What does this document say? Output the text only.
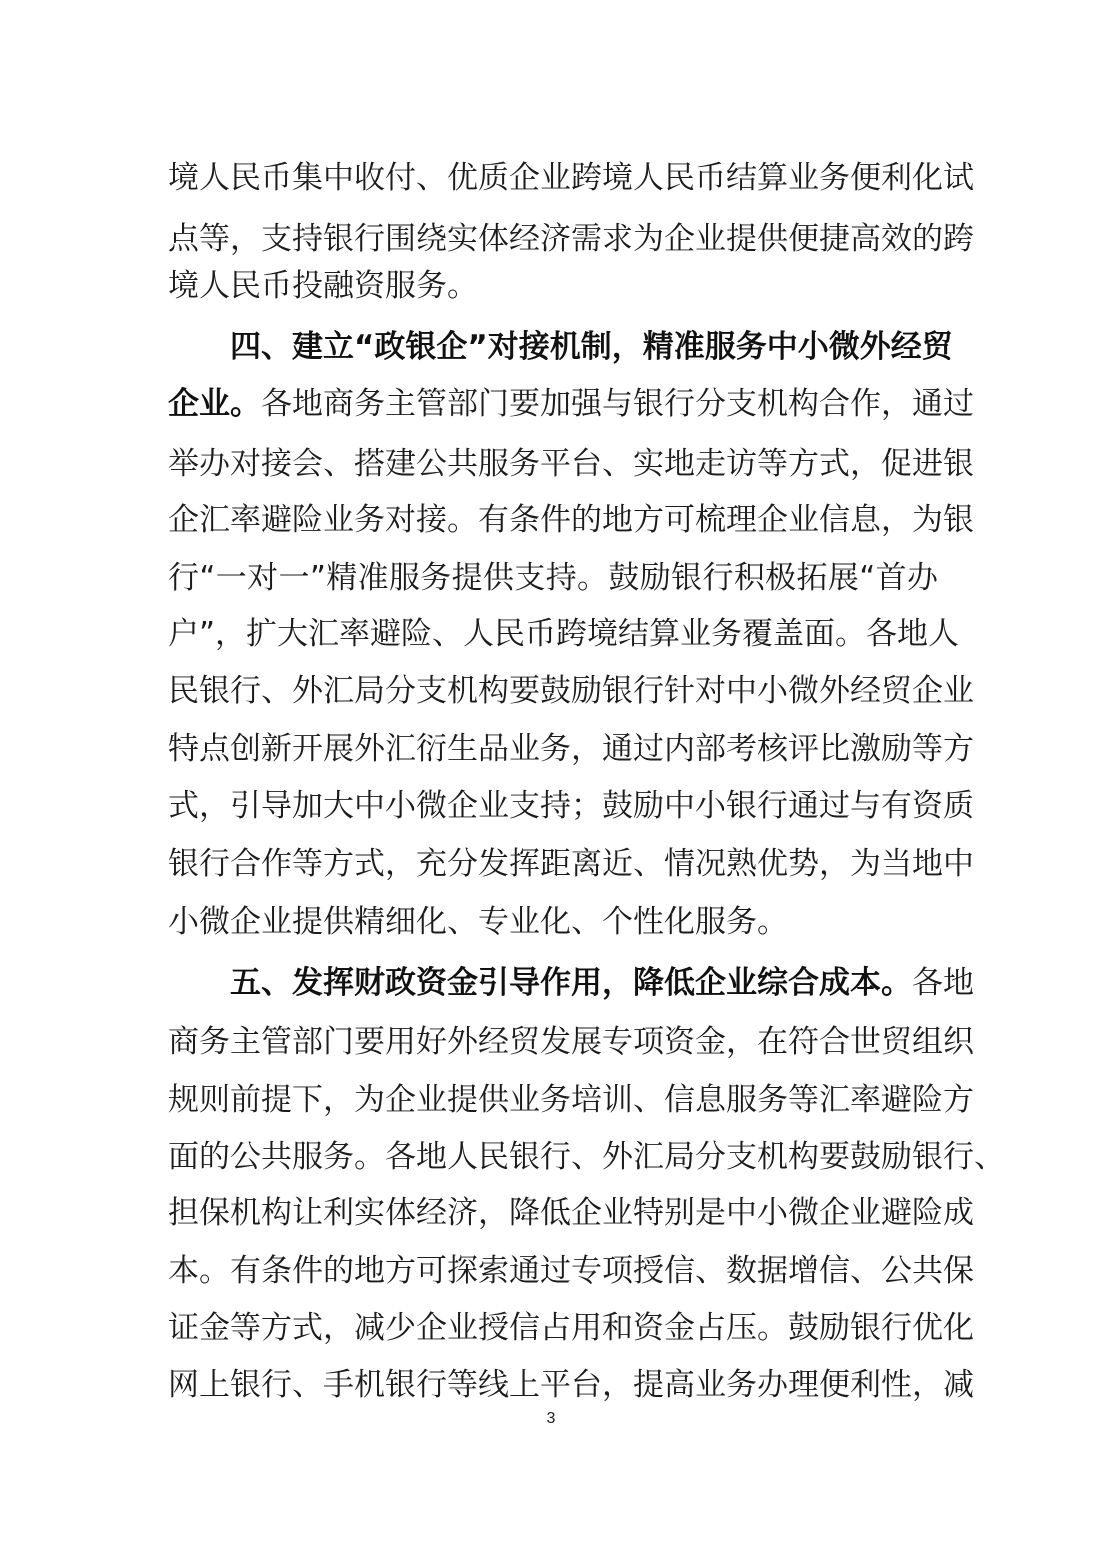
境人民币集中收付、优质企业跨境人民币结算业务便利化试
点等，支持银行围绕实体经济需求为企业提供便捷高效的跨
境人民币投融资服务。
四、建立“政银企”对接机制，精准服务中小微外经贸
企业。各地商务主管部门要加强与银行分支机构合作，通过
举办对接会、搭建公共服务平台、实地走访等方式，促进银
企汇率避险业务对接。有条件的地方可梳理企业信息，为银
行“一对一”精准服务提供支持。鼓励银行积极拓展“首办
户”，扩大汇率避险、人民币跨境结算业务覆盖面。各地人
民银行、外汇局分支机构要鼓励银行针对中小微外经贸企业
特点创新开展外汇衍生品业务，通过内部考核评比激励等方
式，引导加大中小微企业支持；鼓励中小银行通过与有资质
银行合作等方式，充分发挥距离近、情况熟优势，为当地中
小微企业提供精细化、专业化、个性化服务。
五、发挥财政资金引导作用，降低企业综合成本。各地
商务主管部门要用好外经贸发展专项资金，在符合世贸组织
规则前提下，为企业提供业务培训、信息服务等汇率避险方
面的公共服务。各地人民银行、外汇局分支机构要鼓励银行、
担保机构让利实体经济，降低企业特别是中小微企业避险成
本。有条件的地方可探索通过专项授信、数据增信、公共保
证金等方式，减少企业授信占用和资金占压。鼓励银行优化
网上银行、手机银行等线上平台，提高业务办理便利性，减
3
